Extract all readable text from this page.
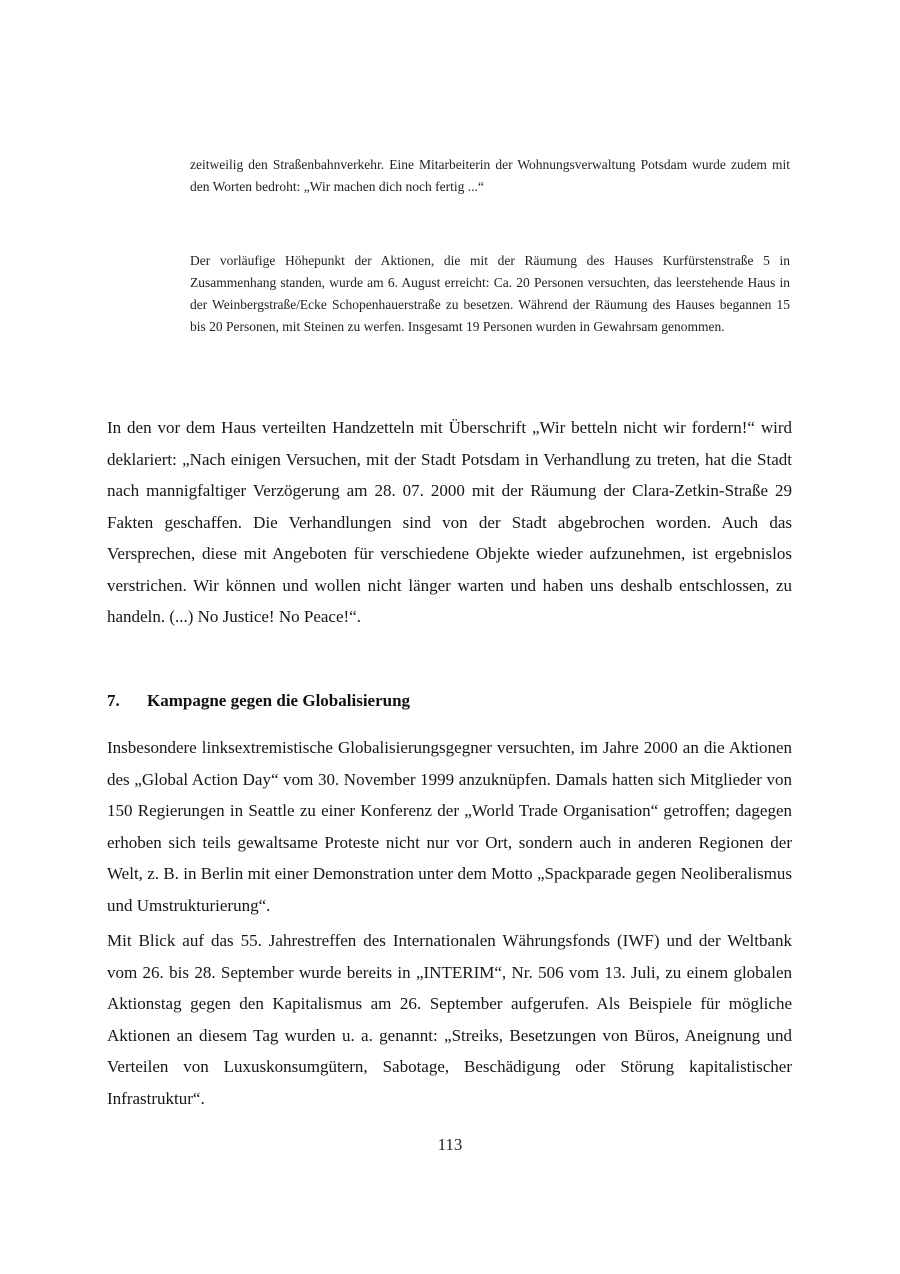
zeitweilig den Straßenbahnverkehr. Eine Mitarbeiterin der Wohnungsverwaltung Potsdam wurde zudem mit den Worten bedroht: „Wir machen dich noch fertig ...“

Der vorläufige Höhepunkt der Aktionen, die mit der Räumung des Hauses Kurfürstenstraße 5 in Zusammenhang standen, wurde am 6. August erreicht: Ca. 20 Personen versuchten, das leerstehende Haus in der Weinbergstraße/Ecke Schopenhauerstraße zu besetzen. Während der Räumung des Hauses begannen 15 bis 20 Personen, mit Steinen zu werfen. Insgesamt 19 Personen wurden in Gewahrsam genommen.

In den vor dem Haus verteilten Handzetteln mit Überschrift „Wir betteln nicht wir fordern!“ wird deklariert: „Nach einigen Versuchen, mit der Stadt Potsdam in Verhandlung zu treten, hat die Stadt nach mannigfaltiger Verzögerung am 28. 07. 2000 mit der Räumung der Clara-Zetkin-Straße 29 Fakten geschaffen. Die Verhandlungen sind von der Stadt abgebrochen worden. Auch das Versprechen, diese mit Angeboten für verschiedene Objekte wieder aufzunehmen, ist ergebnislos verstrichen. Wir können und wollen nicht länger warten und haben uns deshalb entschlossen, zu handeln. (...) No Justice! No Peace!“.

7. Kampagne gegen die Globalisierung

Insbesondere linksextremistische Globalisierungsgegner versuchten, im Jahre 2000 an die Aktionen des „Global Action Day“ vom 30. November 1999 anzuknüpfen. Damals hatten sich Mitglieder von 150 Regierungen in Seattle zu einer Konferenz der „World Trade Organisation“ getroffen; dagegen erhoben sich teils gewaltsame Proteste nicht nur vor Ort, sondern auch in anderen Regionen der Welt, z. B. in Berlin mit einer Demonstration unter dem Motto „Spackparade gegen Neoliberalismus und Umstrukturierung“.

Mit Blick auf das 55. Jahrestreffen des Internationalen Währungsfonds (IWF) und der Weltbank vom 26. bis 28. September wurde bereits in „INTERIM“, Nr. 506 vom 13. Juli, zu einem globalen Aktionstag gegen den Kapitalismus am 26. September aufgerufen. Als Beispiele für mögliche Aktionen an diesem Tag wurden u. a. genannt: „Streiks, Besetzungen von Büros, Aneignung und Verteilen von Luxuskonsumgütern, Sabotage, Beschädigung oder Störung kapitalistischer Infrastruktur“.

113
